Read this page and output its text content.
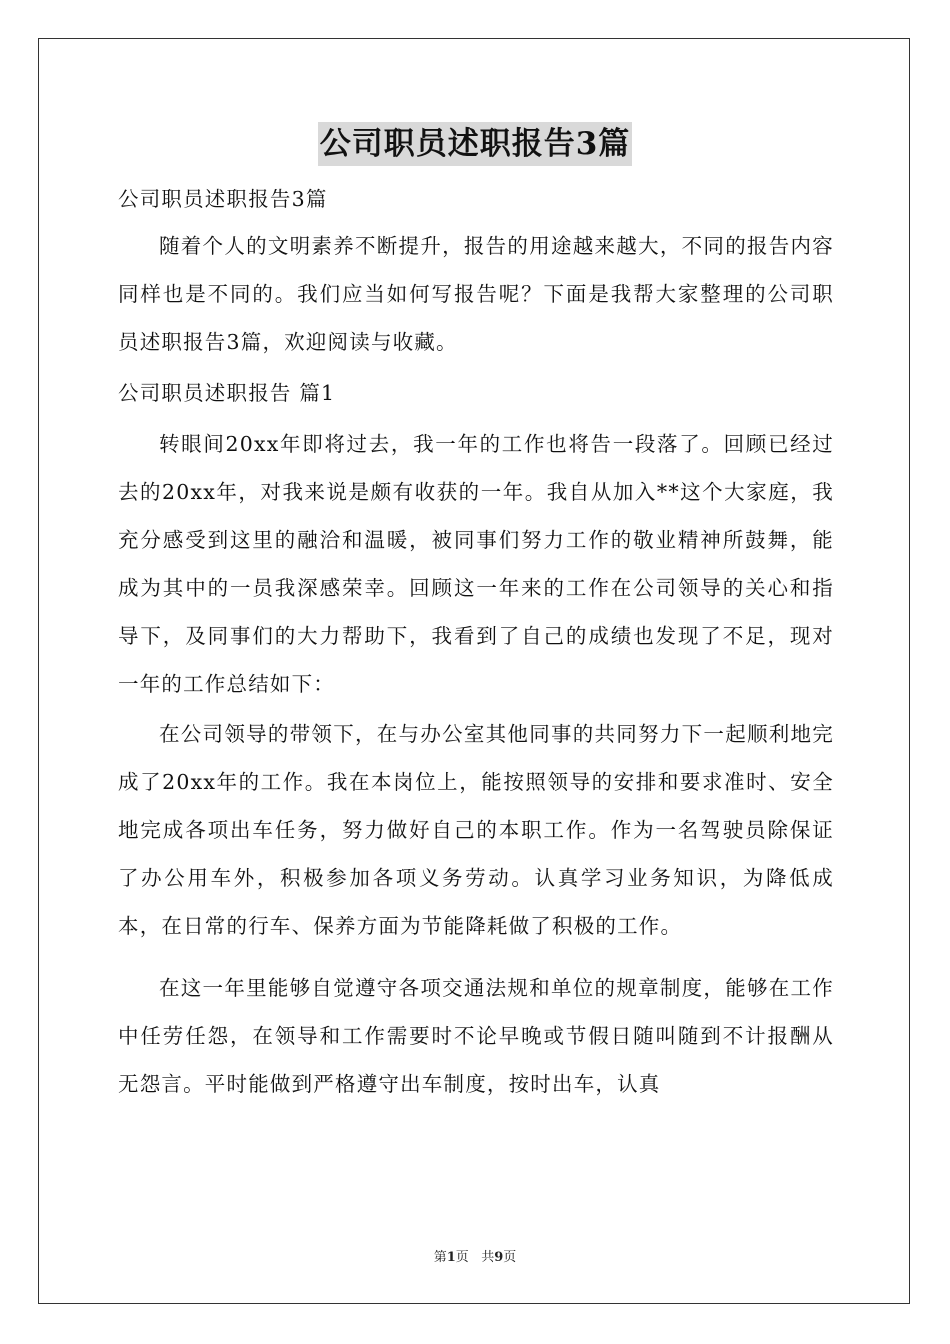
公司职员述职报告3篇

公司职员述职报告3篇

随着个人的文明素养不断提升，报告的用途越来越大，不同的报告内容同样也是不同的。我们应当如何写报告呢？下面是我帮大家整理的公司职员述职报告3篇，欢迎阅读与收藏。

公司职员述职报告 篇1

转眼间20xx年即将过去，我一年的工作也将告一段落了。回顾已经过去的20xx年，对我来说是颇有收获的一年。我自从加入**这个大家庭，我充分感受到这里的融洽和温暖，被同事们努力工作的敬业精神所鼓舞，能成为其中的一员我深感荣幸。回顾这一年来的工作在公司领导的关心和指导下，及同事们的大力帮助下，我看到了自己的成绩也发现了不足，现对一年的工作总结如下：

在公司领导的带领下，在与办公室其他同事的共同努力下一起顺利地完成了20xx年的工作。我在本岗位上，能按照领导的安排和要求准时、安全地完成各项出车任务，努力做好自己的本职工作。作为一名驾驶员除保证了办公用车外，积极参加各项义务劳动。认真学习业务知识，为降低成本，在日常的行车、保养方面为节能降耗做了积极的工作。

在这一年里能够自觉遵守各项交通法规和单位的规章制度，能够在工作中任劳任怨，在领导和工作需要时不论早晚或节假日随叫随到不计报酬从无怨言。平时能做到严格遵守出车制度，按时出车，认真

第1页 共9页
